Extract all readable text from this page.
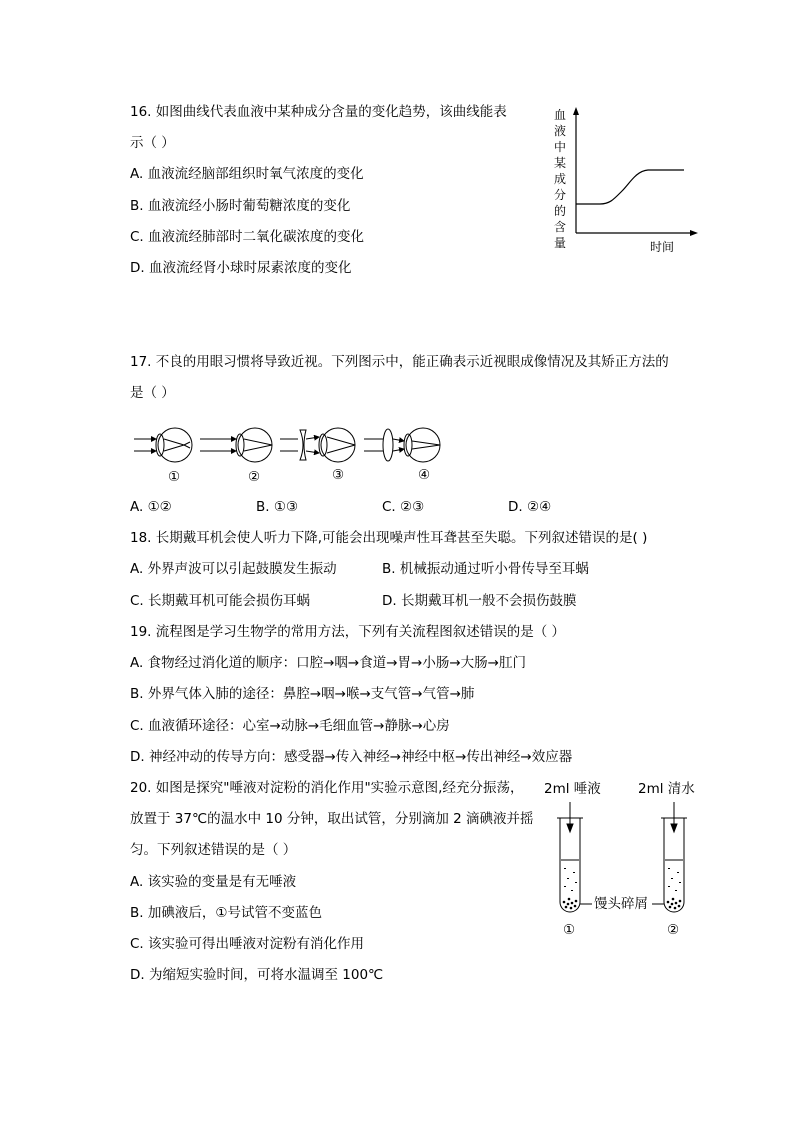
16. 如图曲线代表血液中某种成分含量的变化趋势，该曲线能表
示（ ）
A. 血液流经脑部组织时氧气浓度的变化
B. 血液流经小肠时葡萄糖浓度的变化
C. 血液流经肺部时二氧化碳浓度的变化
D. 血液流经肾小球时尿素浓度的变化
血
液
中
某
成
分
的
含
量	时间
17. 不良的用眼习惯将导致近视。下列图示中，能正确表示近视眼成像情况及其矫正方法的
是（ ）
①	②	③	④
A. ①②	B. ①③	C. ②③	D. ②④
18. 长期戴耳机会使人听力下降,可能会出现噪声性耳聋甚至失聪。下列叙述错误的是( )
A. 外界声波可以引起鼓膜发生振动	B. 机械振动通过听小骨传导至耳蜗
C. 长期戴耳机可能会损伤耳蜗	D. 长期戴耳机一般不会损伤鼓膜
19. 流程图是学习生物学的常用方法，下列有关流程图叙述错误的是（ ）
A. 食物经过消化道的顺序：口腔→咽→食道→胃→小肠→大肠→肛门
B. 外界气体入肺的途径：鼻腔→咽→喉→支气管→气管→肺
C. 血液循环途径：心室→动脉→毛细血管→静脉→心房
D. 神经冲动的传导方向：感受器→传入神经→神经中枢→传出神经→效应器
20. 如图是探究"唾液对淀粉的消化作用"实验示意图,经充分振荡，
放置于 37℃的温水中 10 分钟，取出试管，分别滴加 2 滴碘液并摇
匀。下列叙述错误的是（ ）
A. 该实验的变量是有无唾液
B. 加碘液后，①号试管不变蓝色
C. 该实验可得出唾液对淀粉有消化作用
D. 为缩短实验时间，可将水温调至 100℃
2ml 唾液	2ml 清水
馒头碎屑
①	②
